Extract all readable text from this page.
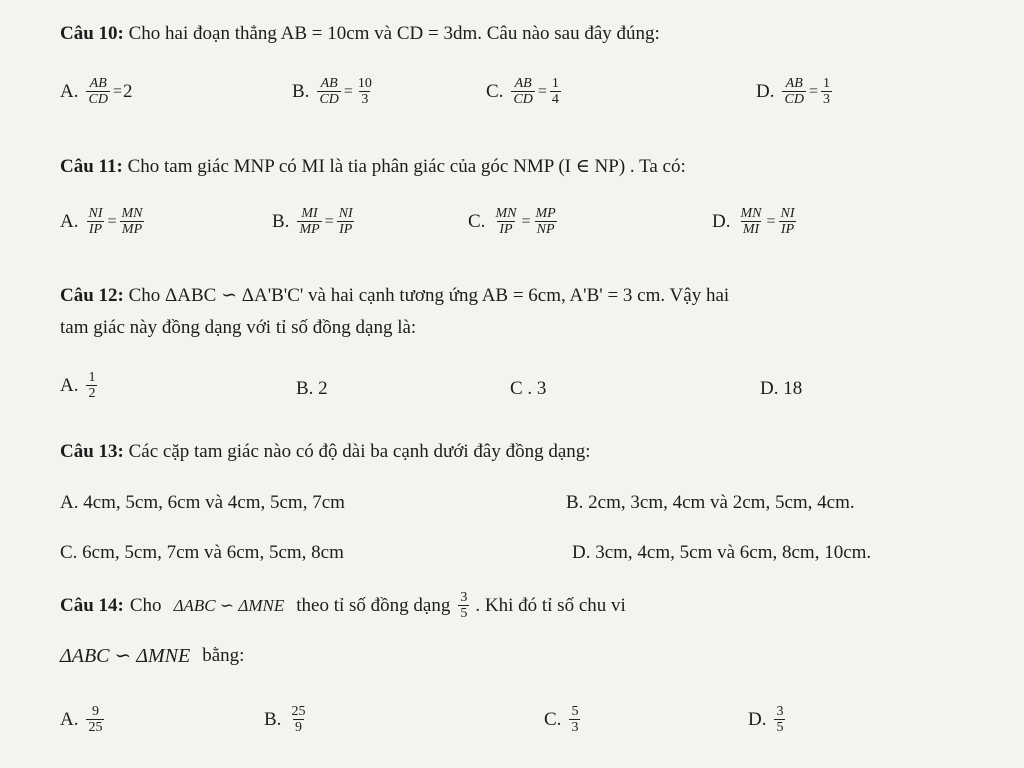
Câu 10: Cho hai đoạn thẳng AB = 10cm và CD = 3dm. Câu nào sau đây đúng:
A. $\frac{AB}{CD} = 2$	B. $\frac{AB}{CD} = \frac{10}{3}$	C. $\frac{AB}{CD} = \frac{1}{4}$	D. $\frac{AB}{CD} = \frac{1}{3}$
Câu 11: Cho tam giác MNP có MI là tia phân giác của góc NMP (I ∈ NP) . Ta có:
A. $\frac{NI}{IP} = \frac{MN}{MP}$	B. $\frac{MI}{MP} = \frac{NI}{IP}$	C. $\frac{MN}{IP} = \frac{MP}{NP}$	D. $\frac{MN}{MI} = \frac{NI}{IP}$
Câu 12: Cho ΔABC ∽ ΔA'B'C' và hai cạnh tương ứng AB = 6cm, A'B' = 3 cm. Vậy hai
tam giác này đồng dạng với tỉ số đồng dạng là:
A. $\frac{1}{2}$	B. 2	C . 3	D. 18
Câu 13: Các cặp tam giác nào có độ dài ba cạnh dưới đây đồng dạng:
A. 4cm, 5cm, 6cm và 4cm, 5cm, 7cm	B. 2cm, 3cm, 4cm và 2cm, 5cm, 4cm.
C. 6cm, 5cm, 7cm và 6cm, 5cm, 8cm	D. 3cm, 4cm, 5cm và 6cm, 8cm, 10cm.
Câu 14: Cho ΔABC ∽ ΔMNE theo tỉ số đồng dạng $\frac{3}{5}$ . Khi đó tỉ số chu vi
ΔABC ∽ ΔMNE bằng:
A. $\frac{9}{25}$	B. $\frac{25}{9}$	C. $\frac{5}{3}$	D. $\frac{3}{5}$
